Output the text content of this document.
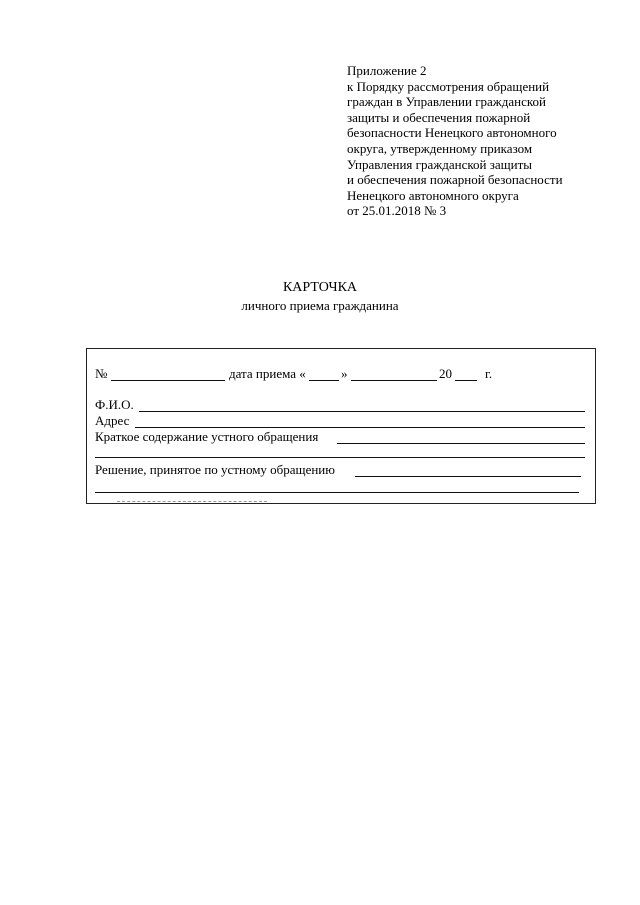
Приложение 2
к Порядку рассмотрения обращений
граждан в Управлении гражданской
защиты и обеспечения пожарной
безопасности Ненецкого автономного
округа, утвержденному приказом
Управления гражданской защиты
и обеспечения пожарной безопасности
Ненецкого автономного округа
от 25.01.2018 № 3
КАРТОЧКА
личного приема гражданина
№	дата приема «	»	20	г.
Ф.И.О.
Адрес
Краткое содержание устного обращения
Решение, принятое по устному обращению
